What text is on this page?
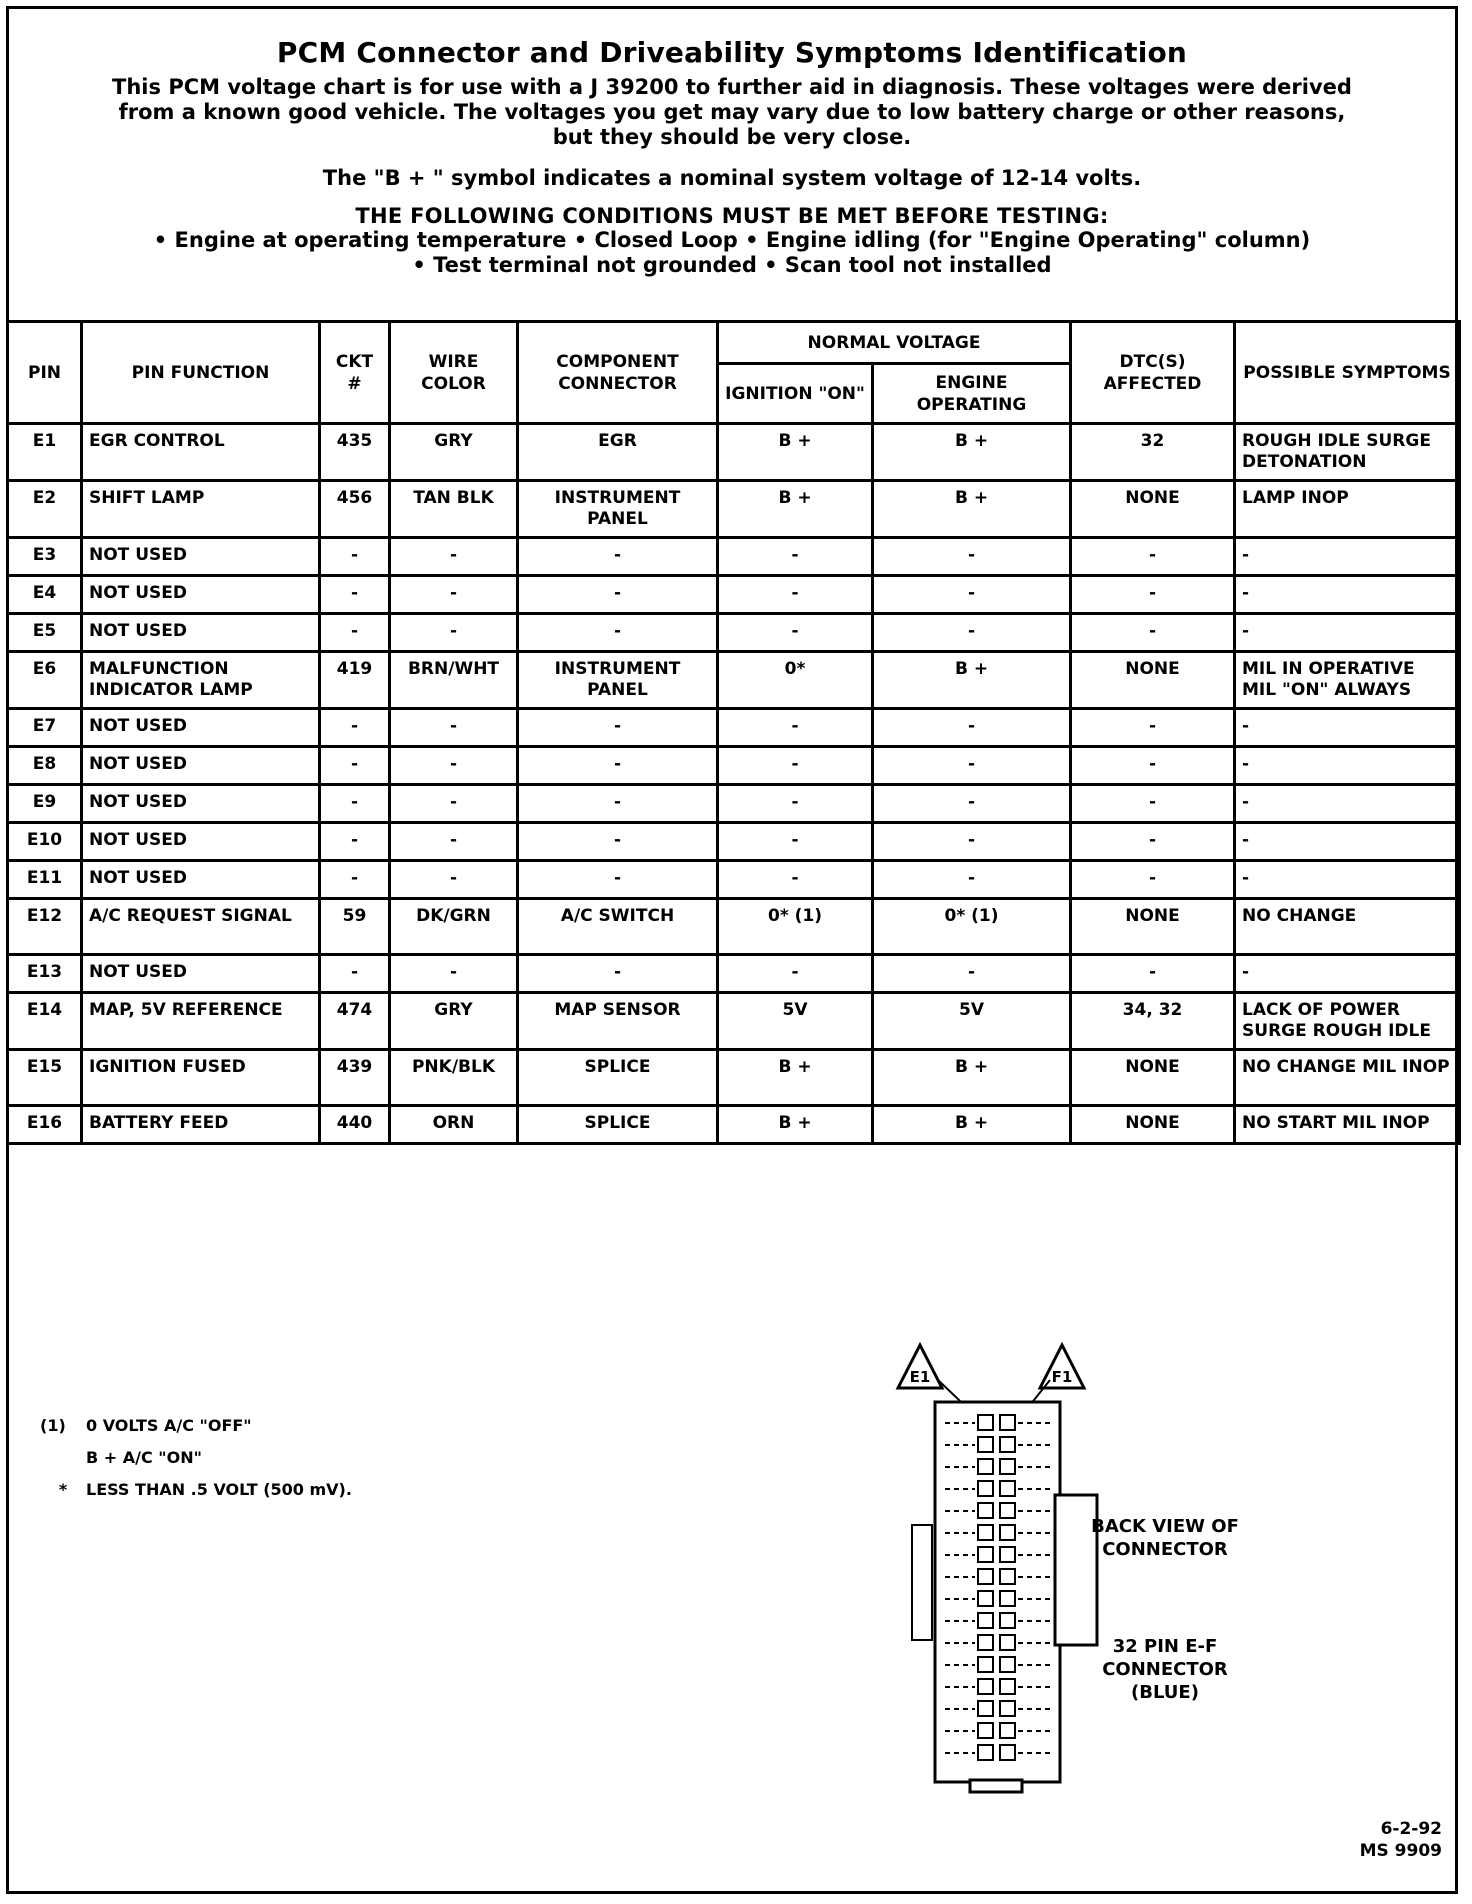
PCM Connector and Driveability Symptoms Identification
This PCM voltage chart is for use with a J 39200 to further aid in diagnosis. These voltages were derived
from a known good vehicle. The voltages you get may vary due to low battery charge or other reasons,
but they should be very close.
The "B + " symbol indicates a nominal system voltage of 12-14 volts.
THE FOLLOWING CONDITIONS MUST BE MET BEFORE TESTING:
• Engine at operating temperature • Closed Loop • Engine idling (for "Engine Operating" column)
• Test terminal not grounded • Scan tool not installed
PIN	PIN FUNCTION	CKT #	WIRE COLOR	COMPONENT CONNECTOR	NORMAL VOLTAGE		DTC(S) AFFECTED	POSSIBLE SYMPTOMS
					IGNITION "ON"	ENGINE OPERATING		
E1	EGR CONTROL	435	GRY	EGR	B +	B +	32	ROUGH IDLE SURGE DETONATION
E2	SHIFT LAMP	456	TAN BLK	INSTRUMENT PANEL	B +	B +	NONE	LAMP INOP
E3	NOT USED	-	-	-	-	-	-	-
E4	NOT USED	-	-	-	-	-	-	-
E5	NOT USED	-	-	-	-	-	-	-
E6	MALFUNCTION INDICATOR LAMP	419	BRN/WHT	INSTRUMENT PANEL	0*	B +	NONE	MIL IN OPERATIVE MIL "ON" ALWAYS
E7	NOT USED	-	-	-	-	-	-	-
E8	NOT USED	-	-	-	-	-	-	-
E9	NOT USED	-	-	-	-	-	-	-
E10	NOT USED	-	-	-	-	-	-	-
E11	NOT USED	-	-	-	-	-	-	-
E12	A/C REQUEST SIGNAL	59	DK/GRN	A/C SWITCH	0* (1)	0* (1)	NONE	NO CHANGE
E13	NOT USED	-	-	-	-	-	-	-
E14	MAP, 5V REFERENCE	474	GRY	MAP SENSOR	5V	5V	34, 32	LACK OF POWER SURGE ROUGH IDLE
E15	IGNITION FUSED	439	PNK/BLK	SPLICE	B +	B +	NONE	NO CHANGE MIL INOP
E16	BATTERY FEED	440	ORN	SPLICE	B +	B +	NONE	NO START MIL INOP
(1) 0 VOLTS A/C "OFF"
B + A/C "ON"
* LESS THAN .5 VOLT (500 mV).
E1	F1
BACK VIEW OF CONNECTOR
32 PIN E-F CONNECTOR (BLUE)
6-2-92
MS 9909
